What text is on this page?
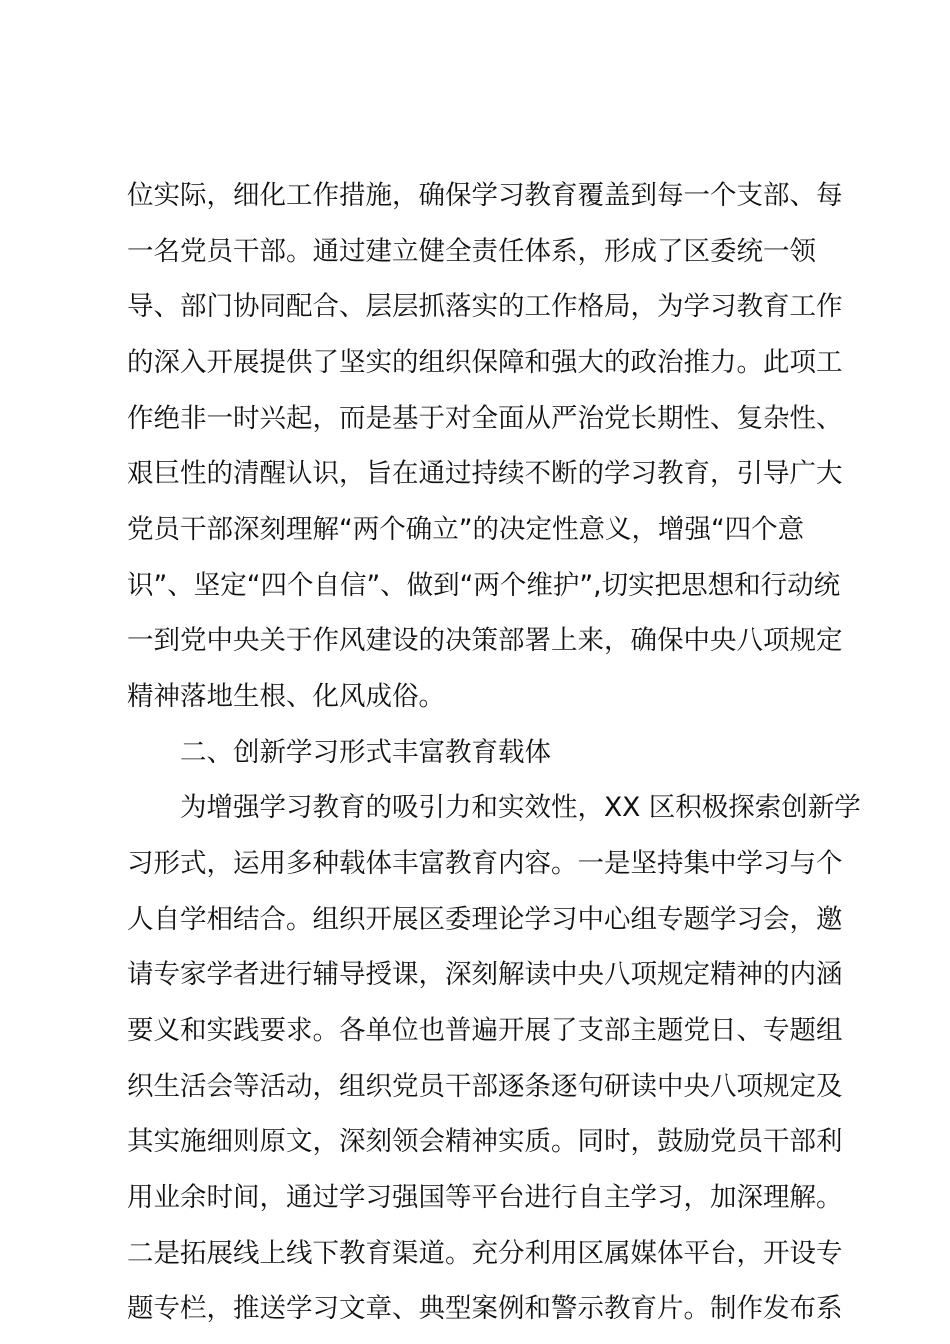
位实际，细化工作措施，确保学习教育覆盖到每一个支部、每
一名党员干部。通过建立健全责任体系，形成了区委统一领
导、部门协同配合、层层抓落实的工作格局，为学习教育工作
的深入开展提供了坚实的组织保障和强大的政治推力。此项工
作绝非一时兴起，而是基于对全面从严治党长期性、复杂性、
艰巨性的清醒认识，旨在通过持续不断的学习教育，引导广大
党员干部深刻理解“两个确立”的决定性意义，增强“四个意
识”、坚定“四个自信”、做到“两个维护”,切实把思想和行动统
一到党中央关于作风建设的决策部署上来，确保中央八项规定
精神落地生根、化风成俗。
二、创新学习形式丰富教育载体
为增强学习教育的吸引力和实效性，XX 区积极探索创新学
习形式，运用多种载体丰富教育内容。一是坚持集中学习与个
人自学相结合。组织开展区委理论学习中心组专题学习会，邀
请专家学者进行辅导授课，深刻解读中央八项规定精神的内涵
要义和实践要求。各单位也普遍开展了支部主题党日、专题组
织生活会等活动，组织党员干部逐条逐句研读中央八项规定及
其实施细则原文，深刻领会精神实质。同时，鼓励党员干部利
用业余时间，通过学习强国等平台进行自主学习，加深理解。
二是拓展线上线下教育渠道。充分利用区属媒体平台，开设专
题专栏，推送学习文章、典型案例和警示教育片。制作发布系
